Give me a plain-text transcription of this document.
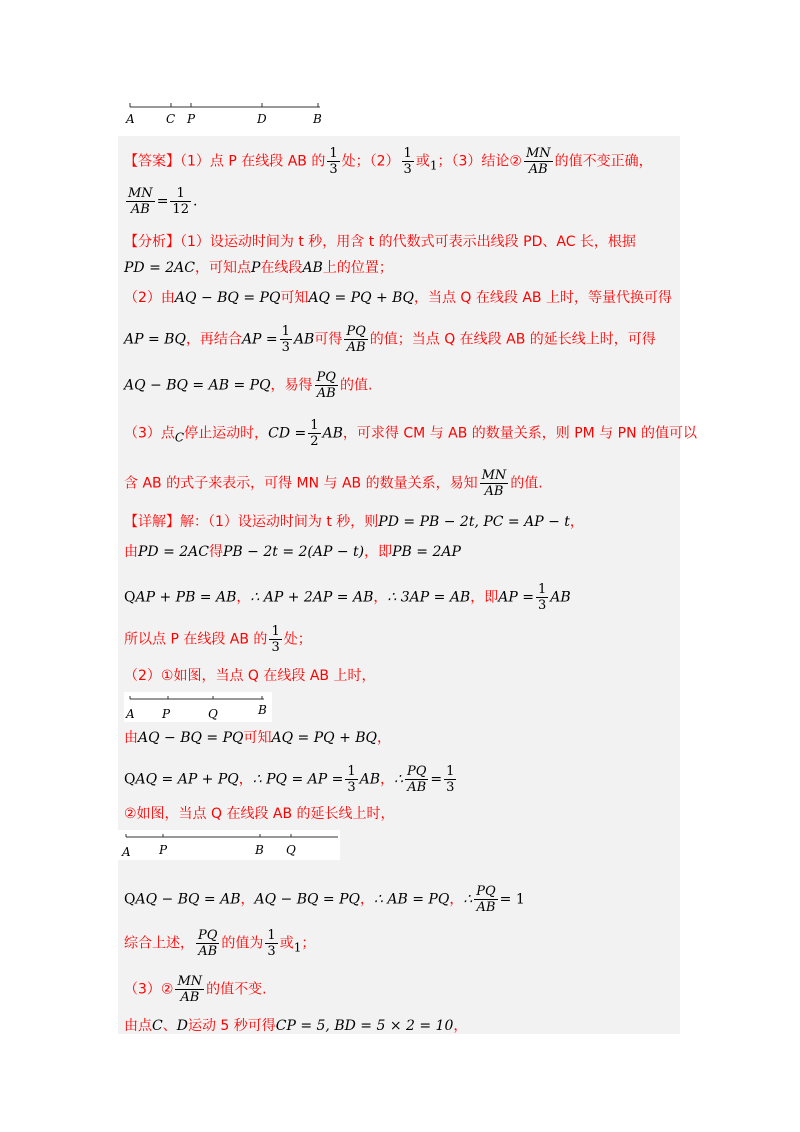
A	C P	D	B
【答案】（1）点 P 在线段 AB 的 $\frac{1}{3}$ 处；$(2) \frac{1}{3}$ 或1；（3）结论② $\frac{MN}{AB}$ 的值不变正确，
$\frac{MN}{AB} = \frac{1}{12}$ .
【分析】（1）设运动时间为 t 秒，用含 t 的代数式可表示出线段 PD、AC 长，根据
PD = 2AC，可知点P在线段AB上的位置；
（2）由AQ − BQ = PQ可知AQ = PQ + BQ，当点 Q 在线段 AB 上时，等量代换可得
AP = BQ，再结合AP = $\frac{1}{3}$ AB可得 $\frac{PQ}{AB}$ 的值；当点 Q 在线段 AB 的延长线上时，可得
AQ − BQ = AB = PQ，易得 $\frac{PQ}{AB}$ 的值.
（3）点C停止运动时，CD = $\frac{1}{2}$ AB，可求得 CM 与 AB 的数量关系，则 PM 与 PN 的值可以
含 AB 的式子来表示，可得 MN 与 AB 的数量关系，易知 $\frac{MN}{AB}$ 的值.
【详解】解：（1）设运动时间为 t 秒，则PD = PB − 2t, PC = AP − t，
由PD = 2AC得PB − 2t = 2(AP − t)，即PB = 2AP
QAP + PB = AB，∴ AP + 2AP = AB，∴ 3AP = AB，即AP = $\frac{1}{3}$ AB
所以点 P 在线段 AB 的 $\frac{1}{3}$ 处；
（2）①如图，当点 Q 在线段 AB 上时，
A P	Q	B
由AQ − BQ = PQ可知AQ = PQ + BQ，
QAQ = AP + PQ，∴ PQ = AP = $\frac{1}{3}$ AB，∴ $\frac{PQ}{AB} = \frac{1}{3}$
②如图，当点 Q 在线段 AB 的延长线上时，
A P	B Q
QAQ − BQ = AB，AQ − BQ = PQ，∴ AB = PQ，∴ $\frac{PQ}{AB} = 1$
综合上述， $\frac{PQ}{AB}$ 的值为 $\frac{1}{3}$ 或1；
（3）② $\frac{MN}{AB}$ 的值不变.
由点C、D运动 5 秒可得CP = 5, BD = 5 × 2 = 10，
